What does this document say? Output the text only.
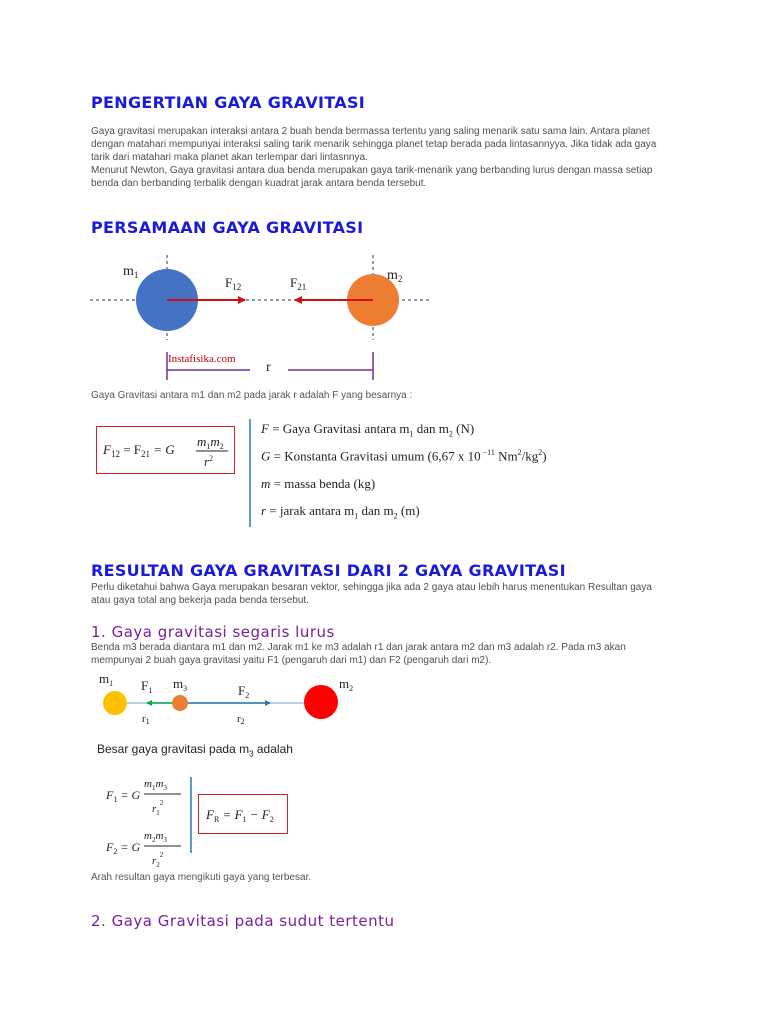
PENGERTIAN GAYA GRAVITASI

Gaya gravitasi merupakan interaksi antara 2 buah benda bermassa tertentu yang saling menarik satu sama lain. Antara planet dengan matahari mempunyai interaksi saling tarik menarik sehingga planet tetap berada pada lintasannyya. Jika tidak ada gaya tarik dari matahari maka planet akan terlempar dari lintasnnya.

Menurut Newton, Gaya gravitasi antara dua benda merupakan gaya tarik-menarik yang berbanding lurus dengan massa setiap benda dan berbanding terbalik dengan kuadrat jarak antara benda tersebut.

PERSAMAAN GAYA GRAVITASI
$m_1$	$m_2$
$F_{12}$	$F_{21}$
Instafisika.com
r
Gaya Gravitasi antara m1 dan m2 pada jarak r adalah F yang besarnya :
$F_{12} = F_{21} = G$
$m_1m_2$
$r^2$
F = Gaya Gravitasi antara $m_1$ dan $m_2$ (N)
G = Konstanta Gravitasi umum (6,67 x 10 $^{-11}$ $Nm^2/kg^2$)
m = massa benda (kg)
r = jarak antara $m_1$ dan $m_2$ (m)
RESULTAN GAYA GRAVITASI DARI 2 GAYA GRAVITASI
Perlu diketahui bahwa Gaya merupakan besaran vektor, sehingga jika ada 2 gaya atau lebih harus menentukan Resultan gaya atau gaya total ang bekerja pada benda tersebut.
1. Gaya gravitasi segaris lurus
Benda m3 berada diantara m1 dan m2. Jarak m1 ke m3 adalah r1 dan jarak antara m2 dan m3 adalah r2. Pada m3 akan mempunyai 2 buah gaya gravitasi yaitu F1 (pengaruh dari m1) dan F2 (pengaruh dari m2).
$m_1$ $F_1$ $m_3$	$F_2$
$m_2$
r1	r2
Besar gaya gravitasi pada $m_3$ adalah
$F_1 = G$
$m_1m_3$
$r_1^2$
$F_2 = G$
$m_2m_3$
$r_2^2$
$F_R = F_1 - F_2$
Arah resultan gaya mengikuti gaya yang terbesar.
2. Gaya Gravitasi pada sudut tertentu
